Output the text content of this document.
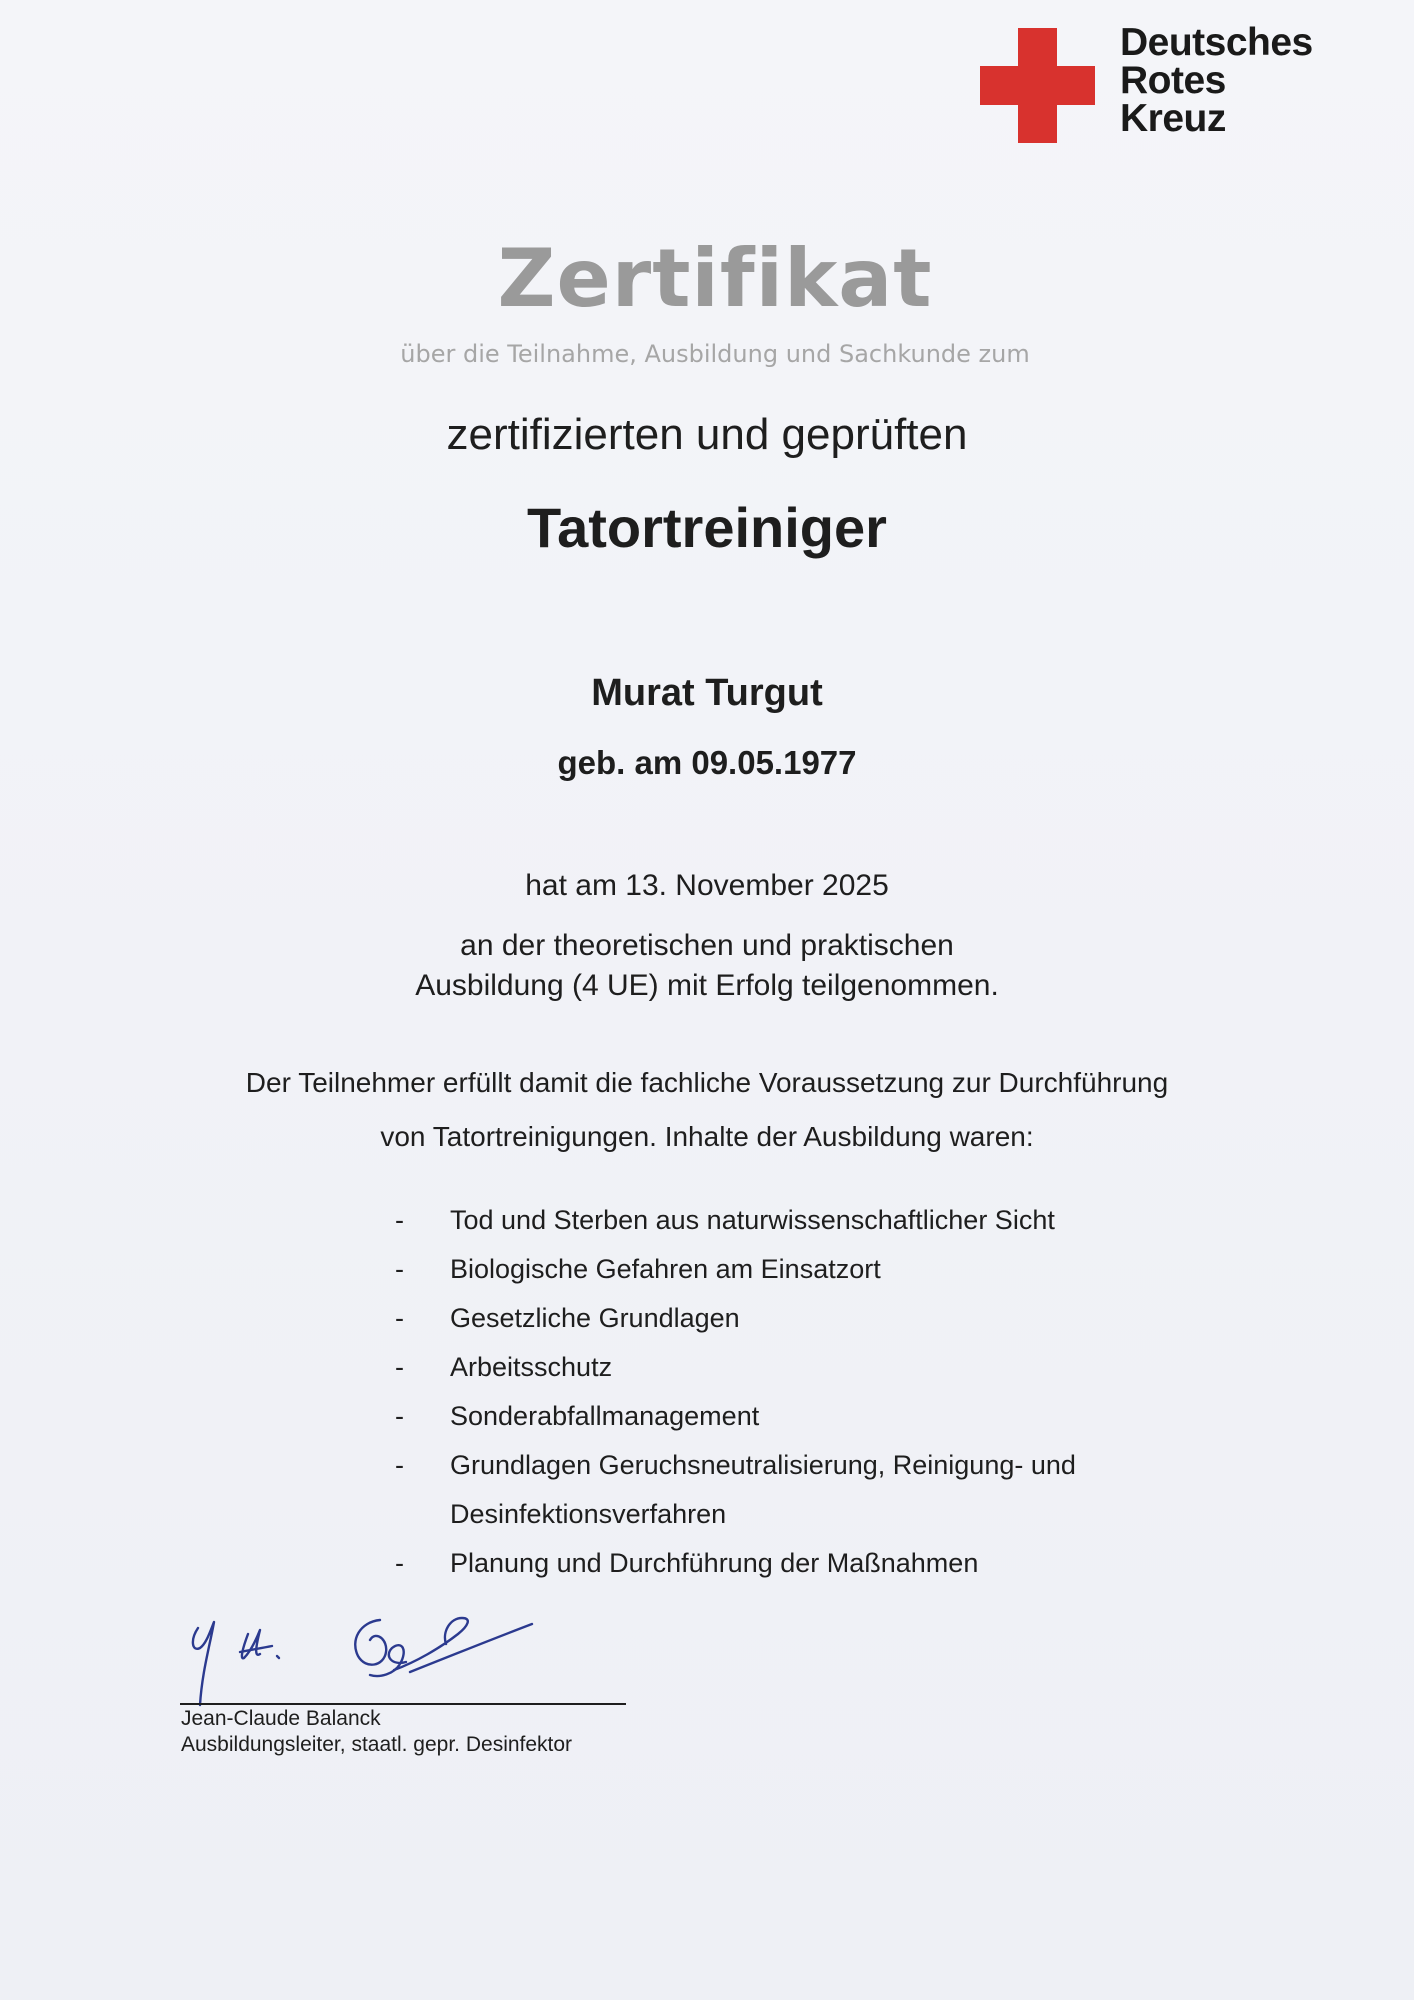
Deutsches
Rotes
Kreuz
Zertifikat
über die Teilnahme, Ausbildung und Sachkunde zum
zertifizierten und geprüften
Tatortreiniger
Murat Turgut
geb. am 09.05.1977
hat am 13. November 2025
an der theoretischen und praktischen
Ausbildung (4 UE) mit Erfolg teilgenommen.
Der Teilnehmer erfüllt damit die fachliche Voraussetzung zur Durchführung
von Tatortreinigungen. Inhalte der Ausbildung waren:
- Tod und Sterben aus naturwissenschaftlicher Sicht
- Biologische Gefahren am Einsatzort
- Gesetzliche Grundlagen
- Arbeitsschutz
- Sonderabfallmanagement
- Grundlagen Geruchsneutralisierung, Reinigung- und
Desinfektionsverfahren
- Planung und Durchführung der Maßnahmen
Jean-Claude Balanck
Ausbildungsleiter, staatl. gepr. Desinfektor
